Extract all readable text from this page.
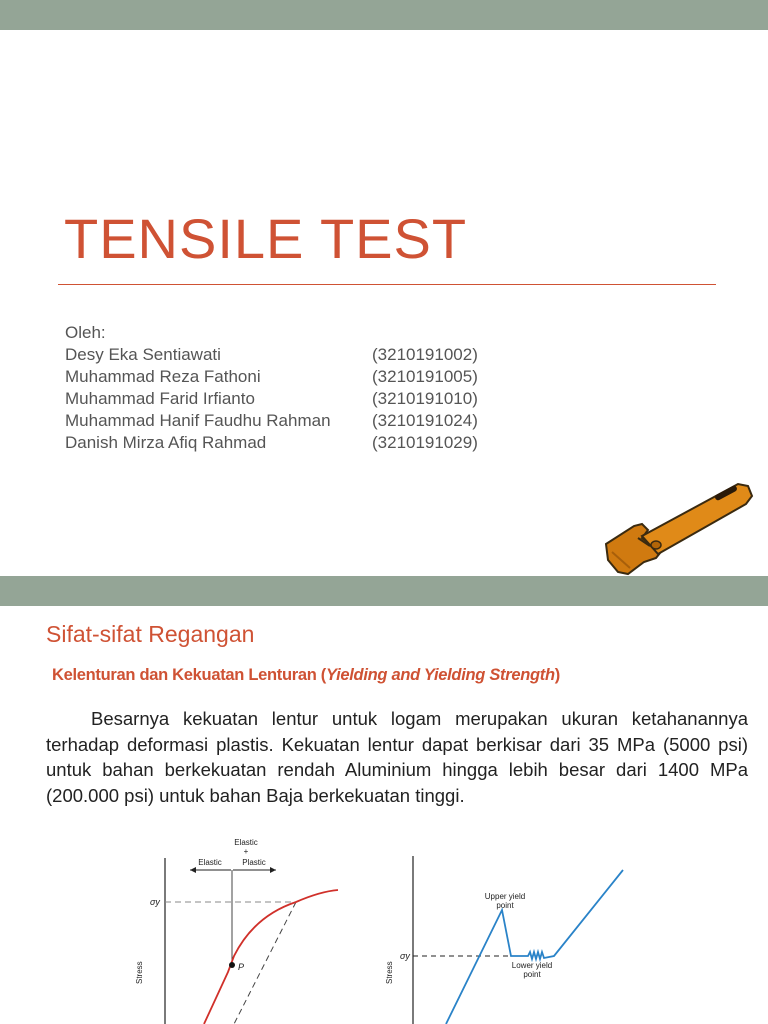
TENSILE TEST
Oleh:
Desy Eka Sentiawati	(3210191002)
Muhammad Reza Fathoni	(3210191005)
Muhammad Farid Irfianto	(3210191010)
Muhammad Hanif Faudhu Rahman	(3210191024)
Danish Mirza Afiq Rahmad	(3210191029)
Sifat-sifat Regangan
Kelenturan dan Kekuatan Lenturan (Yielding and Yielding Strength)

Besarnya kekuatan lentur untuk logam merupakan ukuran ketahanannya terhadap deformasi plastis. Kekuatan lentur dapat berkisar dari 35 MPa (5000 psi) untuk bahan berkekuatan rendah Aluminium hingga lebih besar dari 1400 MPa (200.000 psi) untuk bahan Baja berkekuatan tinggi.

Elastic
+
Elastic	Plastic
σy
P
Stress
Upper yield
point
Lower yield
point
σy
Stress
